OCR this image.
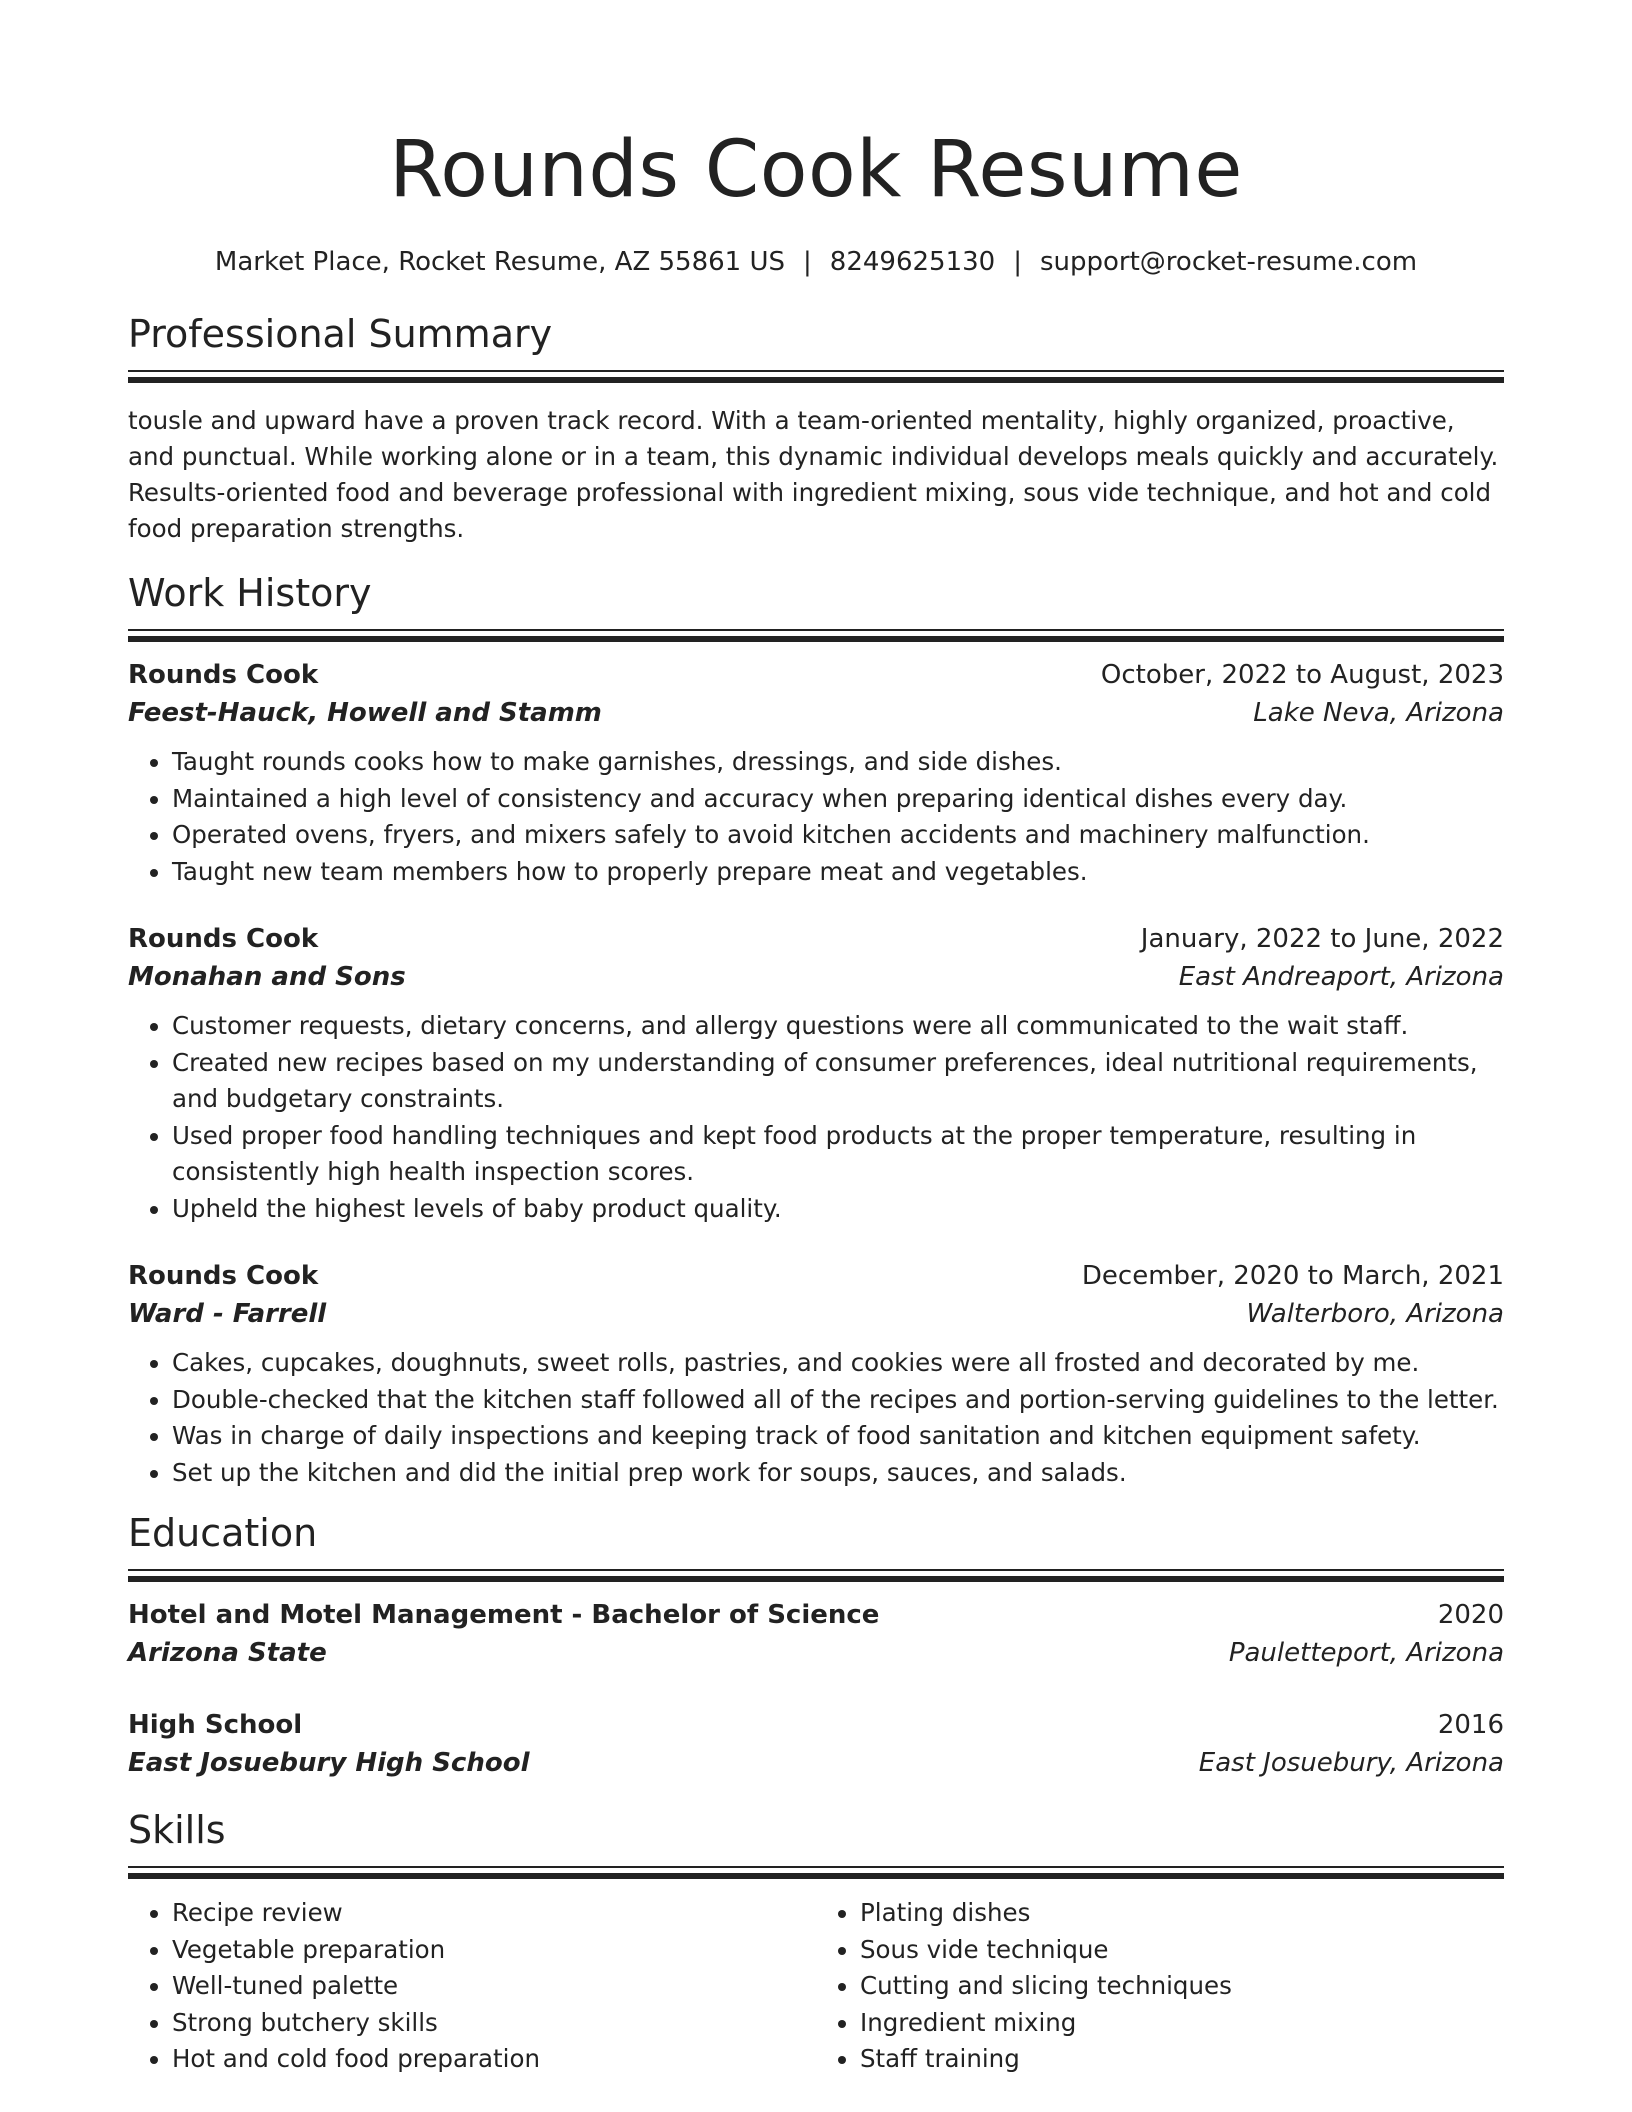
Rounds Cook Resume
Market Place, Rocket Resume, AZ 55861 US | 8249625130 | support@rocket-resume.com
Professional Summary
tousle and upward have a proven track record. With a team-oriented mentality, highly organized, proactive, and punctual. While working alone or in a team, this dynamic individual develops meals quickly and accurately. Results-oriented food and beverage professional with ingredient mixing, sous vide technique, and hot and cold food preparation strengths.
Work History
Rounds Cook	October, 2022 to August, 2023
Feest-Hauck, Howell and Stamm	Lake Neva, Arizona
• Taught rounds cooks how to make garnishes, dressings, and side dishes.
• Maintained a high level of consistency and accuracy when preparing identical dishes every day.
• Operated ovens, fryers, and mixers safely to avoid kitchen accidents and machinery malfunction.
• Taught new team members how to properly prepare meat and vegetables.
Rounds Cook	January, 2022 to June, 2022
Monahan and Sons	East Andreaport, Arizona
• Customer requests, dietary concerns, and allergy questions were all communicated to the wait staff.
• Created new recipes based on my understanding of consumer preferences, ideal nutritional requirements, and budgetary constraints.
• Used proper food handling techniques and kept food products at the proper temperature, resulting in consistently high health inspection scores.
• Upheld the highest levels of baby product quality.
Rounds Cook	December, 2020 to March, 2021
Ward - Farrell	Walterboro, Arizona
• Cakes, cupcakes, doughnuts, sweet rolls, pastries, and cookies were all frosted and decorated by me.
• Double-checked that the kitchen staff followed all of the recipes and portion-serving guidelines to the letter.
• Was in charge of daily inspections and keeping track of food sanitation and kitchen equipment safety.
• Set up the kitchen and did the initial prep work for soups, sauces, and salads.
Education
Hotel and Motel Management - Bachelor of Science	2020
Arizona State	Pauletteport, Arizona
High School	2016
East Josuebury High School	East Josuebury, Arizona
Skills
• Recipe review
• Vegetable preparation
• Well-tuned palette
• Strong butchery skills
• Hot and cold food preparation
• Plating dishes
• Sous vide technique
• Cutting and slicing techniques
• Ingredient mixing
• Staff training
